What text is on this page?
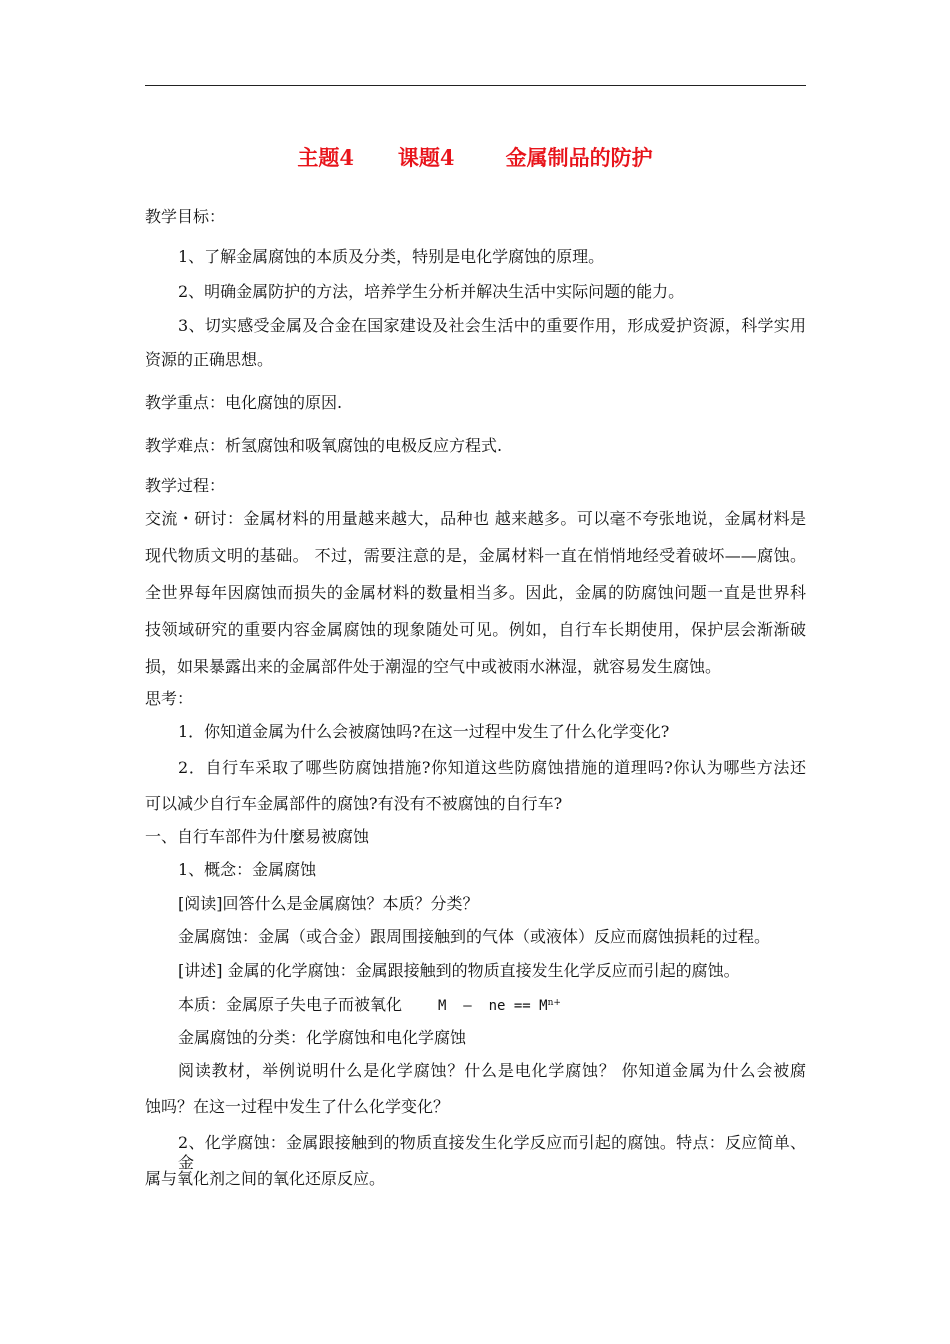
主题4 课题4 金属制品的防护
教学目标：
1、了解金属腐蚀的本质及分类，特别是电化学腐蚀的原理。
2、明确金属防护的方法，培养学生分析并解决生活中实际问题的能力。
3、切实感受金属及合金在国家建设及社会生活中的重要作用，形成爱护资源，科学实用
资源的正确思想。
教学重点：电化腐蚀的原因.
教学难点：析氢腐蚀和吸氧腐蚀的电极反应方程式.
教学过程：
交流・研讨：金属材料的用量越来越大，品种也 越来越多。可以毫不夸张地说，金属材料是
现代物质文明的基础。 不过，需要注意的是，金属材料一直在悄悄地经受着破坏——腐蚀。
全世界每年因腐蚀而损失的金属材料的数量相当多。因此，金属的防腐蚀问题一直是世界科
技领域研究的重要内容金属腐蚀的现象随处可见。例如，自行车长期使用，保护层会渐渐破
损，如果暴露出来的金属部件处于潮湿的空气中或被雨水淋湿，就容易发生腐蚀。
思考：
1．你知道金属为什么会被腐蚀吗?在这一过程中发生了什么化学变化?
2．自行车采取了哪些防腐蚀措施?你知道这些防腐蚀措施的道理吗?你认为哪些方法还
可以减少自行车金属部件的腐蚀?有没有不被腐蚀的自行车?
一、自行车部件为什麼易被腐蚀
1、概念：金属腐蚀
[阅读]回答什么是金属腐蚀？本质？分类？
金属腐蚀：金属（或合金）跟周围接触到的气体（或液体）反应而腐蚀损耗的过程。
[讲述] 金属的化学腐蚀：金属跟接触到的物质直接发生化学反应而引起的腐蚀。
本质：金属原子失电子而被氧化	M  –  ne == $M^{n+}$
金属腐蚀的分类：化学腐蚀和电化学腐蚀
阅读教材，举例说明什么是化学腐蚀？什么是电化学腐蚀？ 你知道金属为什么会被腐
蚀吗？在这一过程中发生了什么化学变化？
2、化学腐蚀：金属跟接触到的物质直接发生化学反应而引起的腐蚀。特点：反应简单、金
属与氧化剂之间的氧化还原反应。
